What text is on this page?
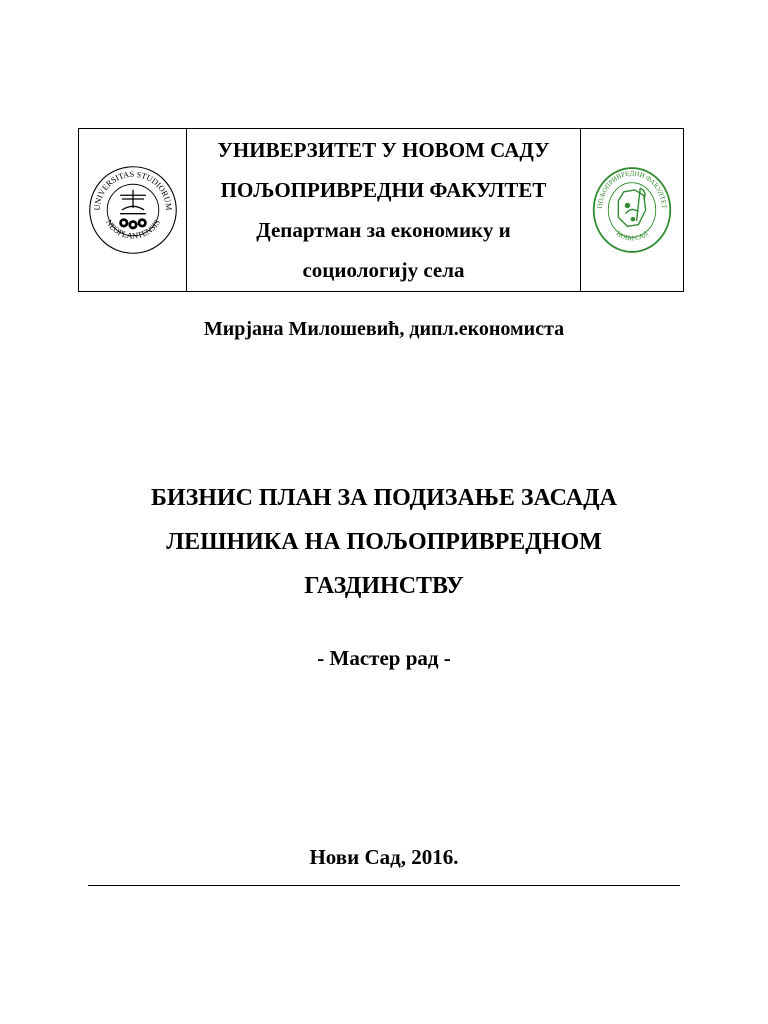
UNIVERSITAS STUDIORUM
NEOPLANTENSIS
УНИВЕРЗИТЕТ У НОВОМ САДУ
ПОЉОПРИВРЕДНИ ФАКУЛТЕТ
Департман за економику и
социологију села
ПОЉОПРИВРЕДНИ ФАКУЛТЕТ
НОВИ САД
Мирјана Милошевић, дипл.економиста
БИЗНИС ПЛАН ЗА ПОДИЗАЊЕ ЗАСАДА
ЛЕШНИКА НА ПОЉОПРИВРЕДНОМ
ГАЗДИНСТВУ
- Мастер рад -
Нови Сад, 2016.
